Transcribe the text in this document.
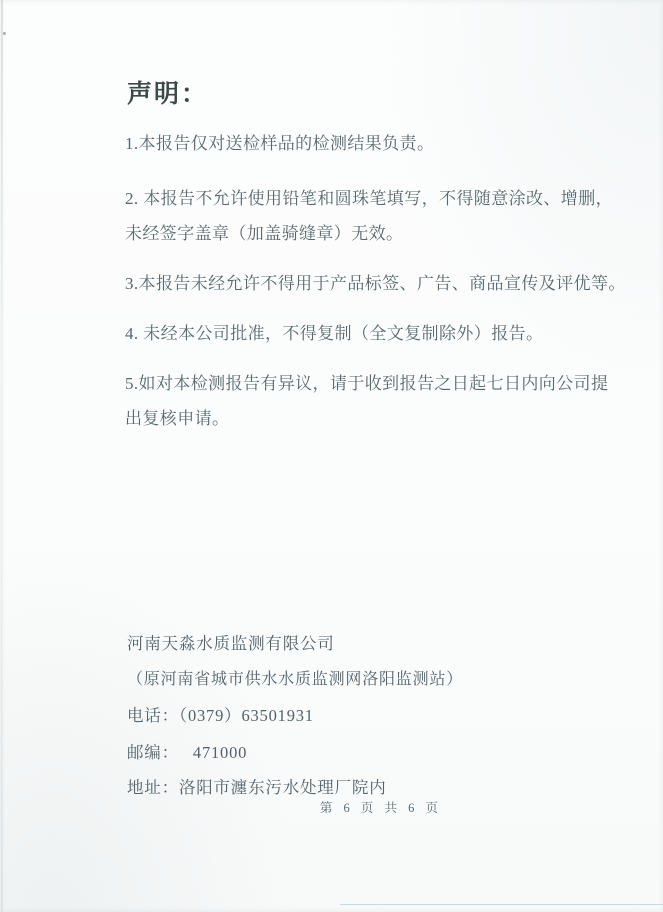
声明：
1.本报告仅对送检样品的检测结果负责。
2. 本报告不允许使用铅笔和圆珠笔填写，不得随意涂改、增删，
未经签字盖章（加盖骑缝章）无效。
3.本报告未经允许不得用于产品标签、广告、商品宣传及评优等。
4. 未经本公司批准，不得复制（全文复制除外）报告。
5.如对本检测报告有异议，请于收到报告之日起七日内向公司提
出复核申请。
河南天淼水质监测有限公司
（原河南省城市供水水质监测网洛阳监测站）
电话：（0379）63501931
邮编： 471000
地址：洛阳市瀍东污水处理厂院内
第 6 页 共 6 页
